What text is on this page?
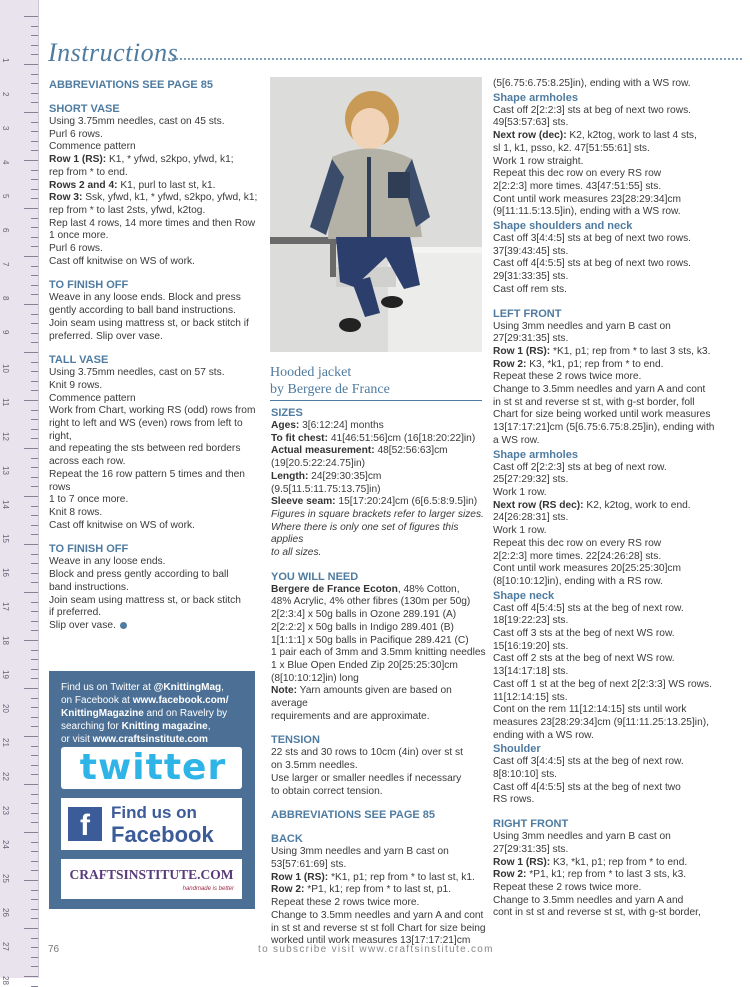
1
2
3
4
5
6
7
8
9
10
11
12
13
14
15
16
17
18
19
20
21
22
23
24
25
26
27
28
Instructions

ABBREVIATIONS SEE PAGE 85

SHORT VASE

Using 3.75mm needles, cast on 45 sts.

Purl 6 rows.

Commence pattern

Row 1 (RS): K1, * yfwd, s2kpo, yfwd, k1;

rep from * to end.

Rows 2 and 4: K1, purl to last st, k1.

Row 3: Ssk, yfwd, k1, * yfwd, s2kpo, yfwd, k1;

rep from * to last 2sts, yfwd, k2tog.

Rep last 4 rows, 14 more times and then Row

1 once more.

Purl 6 rows.

Cast off knitwise on WS of work.

TO FINISH OFF

Weave in any loose ends. Block and press

gently according to ball band instructions.

Join seam using mattress st, or back stitch if

preferred. Slip over vase.

TALL VASE

Using 3.75mm needles, cast on 57 sts.

Knit 9 rows.

Commence pattern

Work from Chart, working RS (odd) rows from

right to left and WS (even) rows from left to right,

and repeating the sts between red borders

across each row.

Repeat the 16 row pattern 5 times and then rows

1 to 7 once more.

Knit 8 rows.

Cast off knitwise on WS of work.

TO FINISH OFF

Weave in any loose ends.

Block and press gently according to ball

band instructions.

Join seam using mattress st, or back stitch

if preferred.

Slip over vase.

Find us on Twitter at @KnittingMag,
on Facebook at www.facebook.com/
KnittingMagazine and on Ravelry by
searching for Knitting magazine,
or visit www.craftsinstitute.com
twitter
f	Find us on
Facebook
CRAFTSINSTITUTE.COM
handmade is better
Hooded jacket
by Bergere de France

SIZES

Ages: 3[6:12:24] months

To fit chest: 41[46:51:56]cm (16[18:20:22]in)

Actual measurement: 48[52:56:63]cm

(19[20.5:22:24.75]in)

Length: 24[29:30:35]cm (9.5[11.5:11.75:13.75]in)

Sleeve seam: 15[17:20:24]cm (6[6.5:8:9.5]in)

Figures in square brackets refer to larger sizes.

Where there is only one set of figures this applies

to all sizes.

YOU WILL NEED

Bergere de France Ecoton, 48% Cotton,

48% Acrylic, 4% other fibres (130m per 50g)

2[2:3:4] x 50g balls in Ozone 289.191 (A)

2[2:2:2] x 50g balls in Indigo 289.401 (B)

1[1:1:1] x 50g balls in Pacifique 289.421 (C)

1 pair each of 3mm and 3.5mm knitting needles

1 x Blue Open Ended Zip 20[25:25:30]cm

(8[10:10:12]in) long

Note: Yarn amounts given are based on average

requirements and are approximate.

TENSION

22 sts and 30 rows to 10cm (4in) over st st

on 3.5mm needles.

Use larger or smaller needles if necessary

to obtain correct tension.

ABBREVIATIONS SEE PAGE 85

BACK

Using 3mm needles and yarn B cast on

53[57:61:69] sts.

Row 1 (RS): *K1, p1; rep from * to last st, k1.

Row 2: *P1, k1; rep from * to last st, p1.

Repeat these 2 rows twice more.

Change to 3.5mm needles and yarn A and cont

in st st and reverse st st foll Chart for size being

worked until work measures 13[17:17:21]cm

(5[6.75:6.75:8.25]in), ending with a WS row.

Shape armholes

Cast off 2[2:2:3] sts at beg of next two rows.

49[53:57:63] sts.

Next row (dec): K2, k2tog, work to last 4 sts,

sl 1, k1, psso, k2. 47[51:55:61] sts.

Work 1 row straight.

Repeat this dec row on every RS row

2[2:2:3] more times. 43[47:51:55] sts.

Cont until work measures 23[28:29:34]cm

(9[11:11.5:13.5]in), ending with a WS row.

Shape shoulders and neck

Cast off 3[4:4:5] sts at beg of next two rows.

37[39:43:45] sts.

Cast off 4[4:5:5] sts at beg of next two rows.

29[31:33:35] sts.

Cast off rem sts.

LEFT FRONT

Using 3mm needles and yarn B cast on

27[29:31:35] sts.

Row 1 (RS): *K1, p1; rep from * to last 3 sts, k3.

Row 2: K3, *k1, p1; rep from * to end.

Repeat these 2 rows twice more.

Change to 3.5mm needles and yarn A and cont

in st st and reverse st st, with g-st border, foll

Chart for size being worked until work measures

13[17:17:21]cm (5[6.75:6.75:8.25]in), ending with

a WS row.

Shape armholes

Cast off 2[2:2:3] sts at beg of next row.

25[27:29:32] sts.

Work 1 row.

Next row (RS dec): K2, k2tog, work to end.

24[26:28:31] sts.

Work 1 row.

Repeat this dec row on every RS row

2[2:2:3] more times. 22[24:26:28] sts.

Cont until work measures 20[25:25:30]cm

(8[10:10:12]in), ending with a RS row.

Shape neck

Cast off 4[5:4:5] sts at the beg of next row.

18[19:22:23] sts.

Cast off 3 sts at the beg of next WS row.

15[16:19:20] sts.

Cast off 2 sts at the beg of next WS row.

13[14:17:18] sts.

Cast off 1 st at the beg of next 2[2:3:3] WS rows.

11[12:14:15] sts.

Cont on the rem 11[12:14:15] sts until work

measures 23[28:29:34]cm (9[11:11.25:13.25]in),

ending with a WS row.

Shoulder

Cast off 3[4:4:5] sts at the beg of next row.

8[8:10:10] sts.

Cast off 4[4:5:5] sts at the beg of next two

RS rows.

RIGHT FRONT

Using 3mm needles and yarn B cast on

27[29:31:35] sts.

Row 1 (RS): K3, *k1, p1; rep from * to end.

Row 2: *P1, k1; rep from * to last 3 sts, k3.

Repeat these 2 rows twice more.

Change to 3.5mm needles and yarn A and

cont in st st and reverse st st, with g-st border,

76	to subscribe visit www.craftsinstitute.com
